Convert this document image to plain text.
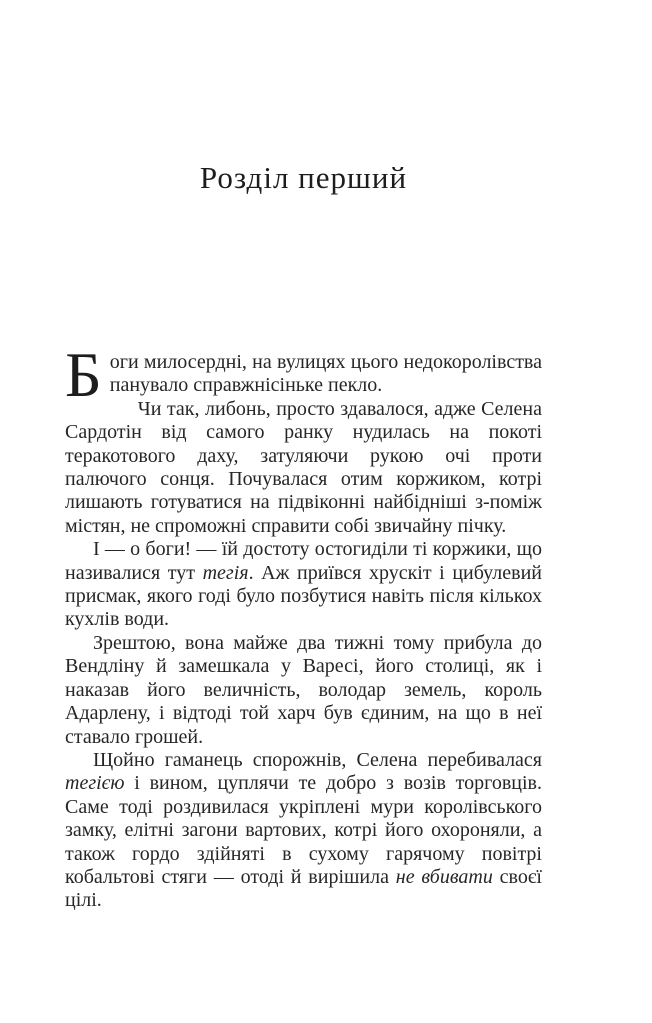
Розділ перший

Боги милосердні, на вулицях цього недокоролівства панувало справжнісіньке пекло.

Чи так, либонь, просто здавалося, адже Селена Сардотін від самого ранку нудилась на покоті теракотового даху, затуляючи рукою очі проти палючого сонця. Почувалася отим коржиком, котрі лишають готуватися на підвіконні найбідніші з-поміж містян, не спроможні справити собі звичайну пічку.

І — о боги! — їй достоту остогиділи ті коржики, що називалися тут тегія. Аж приївся хрускіт і цибулевий присмак, якого годі було позбутися навіть після кількох кухлів води.

Зрештою, вона майже два тижні тому прибула до Вендліну й замешкала у Варесі, його столиці, як і наказав його величність, володар земель, король Адарлену, і відтоді той харч був єдиним, на що в неї ставало грошей.

Щойно гаманець спорожнів, Селена перебивалася тегією і вином, цуплячи те добро з возів торговців. Саме тоді роздивилася укріплені мури королівського замку, елітні загони вартових, котрі його охороняли, а також гордо здійняті в сухому гарячому повітрі кобальтові стяги — отоді й вирішила не вбивати своєї цілі.
